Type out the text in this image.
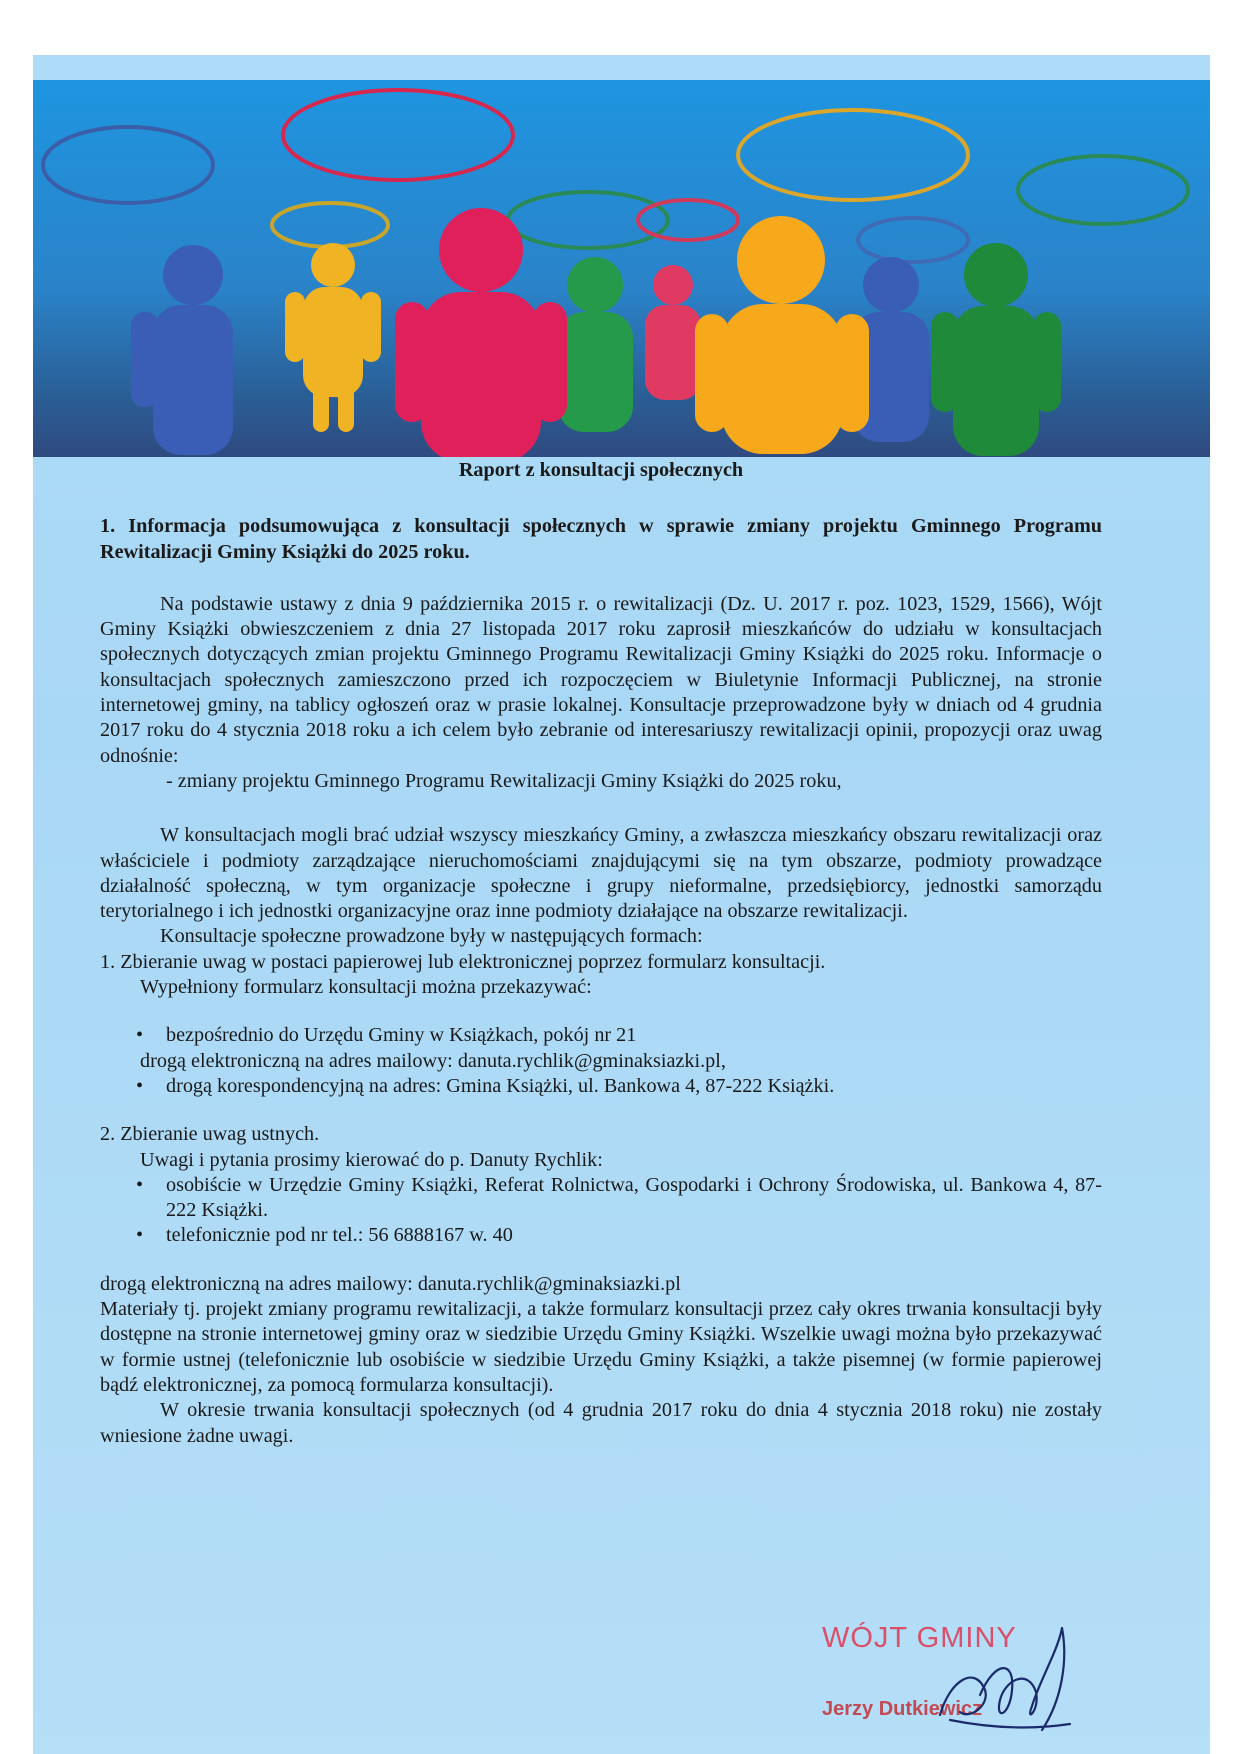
Raport z konsultacji społecznych
1. Informacja podsumowująca z konsultacji społecznych w sprawie zmiany projektu Gminnego Programu Rewitalizacji Gminy Książki do 2025 roku.

Na podstawie ustawy z dnia 9 października 2015 r. o rewitalizacji (Dz. U. 2017 r. poz. 1023, 1529, 1566), Wójt Gminy Książki obwieszczeniem z dnia 27 listopada 2017 roku zaprosił mieszkańców do udziału w konsultacjach społecznych dotyczących zmian projektu Gminnego Programu Rewitalizacji Gminy Książki do 2025 roku. Informacje o konsultacjach społecznych zamieszczono przed ich rozpoczęciem w Biuletynie Informacji Publicznej, na stronie internetowej gminy, na tablicy ogłoszeń oraz w prasie lokalnej. Konsultacje przeprowadzone były w dniach od 4 grudnia 2017 roku do 4 stycznia 2018 roku a ich celem było zebranie od interesariuszy rewitalizacji opinii, propozycji oraz uwag odnośnie:

- zmiany projektu Gminnego Programu Rewitalizacji Gminy Książki do 2025 roku,

W konsultacjach mogli brać udział wszyscy mieszkańcy Gminy, a zwłaszcza mieszkańcy obszaru rewitalizacji oraz właściciele i podmioty zarządzające nieruchomościami znajdującymi się na tym obszarze, podmioty prowadzące działalność społeczną, w tym organizacje społeczne i grupy nieformalne, przedsiębiorcy, jednostki samorządu terytorialnego i ich jednostki organizacyjne oraz inne podmioty działające na obszarze rewitalizacji.

Konsultacje społeczne prowadzone były w następujących formach:

1. Zbieranie uwag w postaci papierowej lub elektronicznej poprzez formularz konsultacji.

Wypełniony formularz konsultacji można przekazywać:

• bezpośrednio do Urzędu Gminy w Książkach, pokój nr 21

drogą elektroniczną na adres mailowy: danuta.rychlik@gminaksiazki.pl,

• drogą korespondencyjną na adres: Gmina Książki, ul. Bankowa 4, 87-222 Książki.

2. Zbieranie uwag ustnych.

Uwagi i pytania prosimy kierować do p. Danuty Rychlik:

• osobiście w Urzędzie Gminy Książki, Referat Rolnictwa, Gospodarki i Ochrony Środowiska, ul. Bankowa 4, 87-222 Książki.

• telefonicznie pod nr tel.: 56 6888167 w. 40

drogą elektroniczną na adres mailowy: danuta.rychlik@gminaksiazki.pl

Materiały tj. projekt zmiany programu rewitalizacji, a także formularz konsultacji przez cały okres trwania konsultacji były dostępne na stronie internetowej gminy oraz w siedzibie Urzędu Gminy Książki. Wszelkie uwagi można było przekazywać w formie ustnej (telefonicznie lub osobiście w siedzibie Urzędu Gminy Książki, a także pisemnej (w formie papierowej bądź elektronicznej, za pomocą formularza konsultacji).

W okresie trwania konsultacji społecznych (od 4 grudnia 2017 roku do dnia 4 stycznia 2018 roku) nie zostały wniesione żadne uwagi.

WÓJT GMINY
Jerzy Dutkiewicz
